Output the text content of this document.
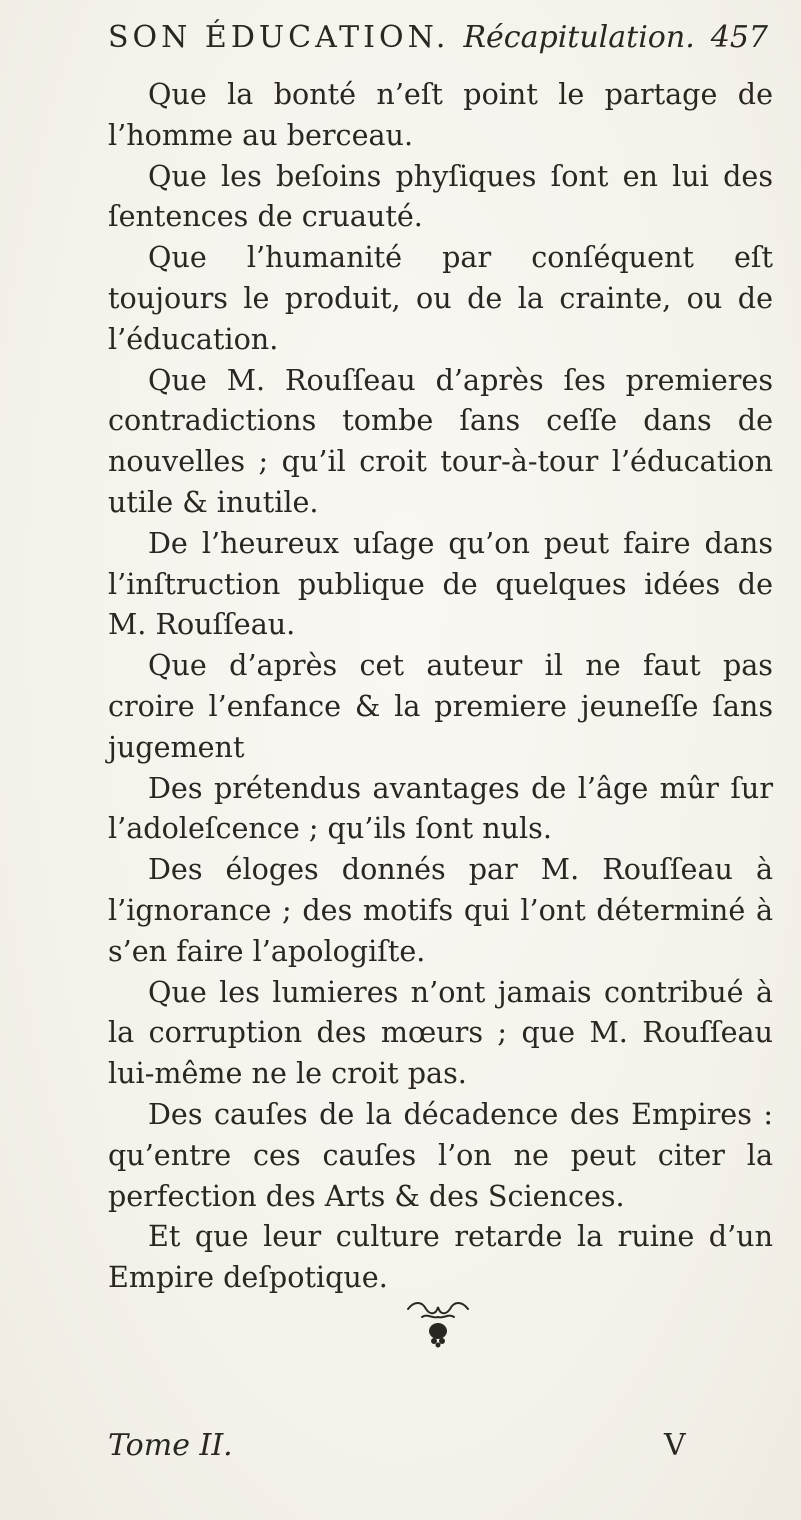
SON ÉDUCATION. Récapitulation. 457

Que la bonté n’eſt point le partage de l’homme au berceau.

Que les beſoins phyſiques ſont en lui des ſentences de cruauté.

Que l’humanité par conſéquent eſt toujours le produit, ou de la crainte, ou de l’éducation.

Que M. Rouſſeau d’après ſes premieres contradictions tombe ſans ceſſe dans de nouvelles ; qu’il croit tour-à-tour l’éducation utile & inutile.

De l’heureux uſage qu’on peut faire dans l’inſtruction publique de quelques idées de M. Rouſſeau.

Que d’après cet auteur il ne faut pas croire l’enfance & la premiere jeuneſſe ſans jugement

Des prétendus avantages de l’âge mûr ſur l’adoleſcence ; qu’ils ſont nuls.

Des éloges donnés par M. Rouſſeau à l’ignorance ; des motifs qui l’ont déterminé à s’en faire l’apologiſte.

Que les lumieres n’ont jamais contribué à la corruption des mœurs ; que M. Rouſſeau lui-même ne le croit pas.

Des cauſes de la décadence des Empires : qu’entre ces cauſes l’on ne peut citer la perfection des Arts & des Sciences.

Et que leur culture retarde la ruine d’un Empire deſpotique.

Tome II.	V
